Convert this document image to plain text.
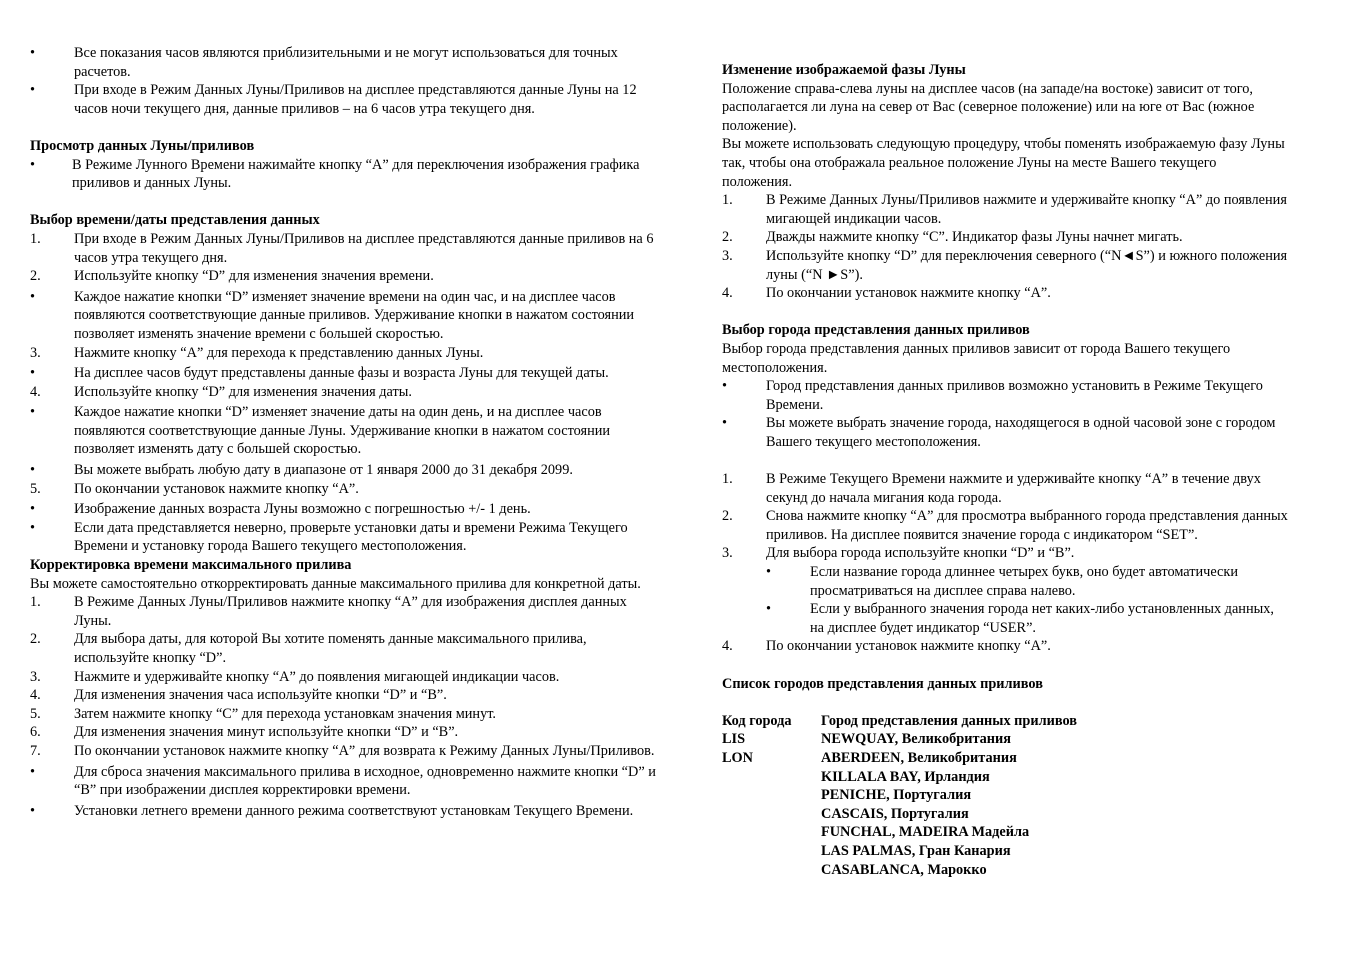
•	Все показания часов являются приблизительными и не могут использоваться для точных расчетов.
•	При входе в Режим Данных Луны/Приливов на дисплее представляются данные Луны на 12 часов ночи текущего дня, данные приливов – на 6 часов утра текущего дня.
Просмотр данных Луны/приливов
•	В Режиме Лунного Времени нажимайте кнопку “А” для переключения изображения графика приливов и данных Луны.
Выбор времени/даты представления данных
1.	При входе в Режим Данных Луны/Приливов на дисплее представляются данные приливов на 6 часов утра текущего дня.
2.	Используйте кнопку “D” для изменения значения времени.
•	Каждое нажатие кнопки “D” изменяет значение времени на один час, и на дисплее часов появляются соответствующие данные приливов. Удерживание кнопки в нажатом состоянии позволяет изменять значение времени с большей скоростью.
3.	Нажмите кнопку “А” для перехода к представлению данных Луны.
•	На дисплее часов будут представлены данные фазы и возраста Луны для текущей даты.
4.	Используйте кнопку “D” для изменения значения даты.
•	Каждое нажатие кнопки “D” изменяет значение даты на один день, и на дисплее часов появляются соответствующие данные Луны. Удерживание кнопки в нажатом состоянии позволяет изменять дату с большей скоростью.
•	Вы можете выбрать любую дату в диапазоне от 1 января 2000 до 31 декабря 2099.
5.	По окончании установок нажмите кнопку “А”.
•	Изображение данных возраста Луны возможно с погрешностью +/- 1 день.
•	Если дата представляется неверно, проверьте установки даты и времени Режима Текущего Времени и установку города Вашего текущего местоположения.
Корректировка времени максимального прилива
Вы можете самостоятельно откорректировать данные максимального прилива для конкретной даты.
1.	В Режиме Данных Луны/Приливов нажмите кнопку “А” для изображения дисплея данных Луны.
2.	Для выбора даты, для которой Вы хотите поменять данные максимального прилива, используйте кнопку “D”.
3.	Нажмите и удерживайте кнопку “А” до появления мигающей индикации часов.
4.	Для изменения значения часа используйте кнопки “D” и “B”.
5.	Затем нажмите кнопку “C” для перехода установкам значения минут.
6.	Для изменения значения минут используйте кнопки “D” и “B”.
7.	По окончании установок нажмите кнопку “А” для возврата к Режиму Данных Луны/Приливов.
•	Для сброса значения максимального прилива в исходное, одновременно нажмите кнопки “D” и “B” при изображении дисплея корректировки времени.
•	Установки летнего времени данного режима соответствуют установкам Текущего Времени.
Изменение изображаемой фазы Луны
Положение справа-слева луны на дисплее часов (на западе/на востоке) зависит от того, располагается ли луна на север от Вас (северное положение) или на юге от Вас (южное положение).
Вы можете использовать следующую процедуру, чтобы поменять изображаемую фазу Луны так, чтобы она отображала реальное положение Луны на месте Вашего текущего положения.
1.	В Режиме Данных Луны/Приливов нажмите и удерживайте кнопку “А” до появления мигающей индикации часов.
2.	Дважды нажмите кнопку “С”. Индикатор фазы Луны начнет мигать.
3.	Используйте кнопку “D” для переключения северного (“N◄S”) и южного положения луны (“N ►S”).
4.	По окончании установок нажмите кнопку “А”.
Выбор города представления данных приливов
Выбор города представления данных приливов зависит от города Вашего текущего местоположения.
•	Город представления данных приливов возможно установить в Режиме Текущего Времени.
•	Вы можете выбрать значение города, находящегося в одной часовой зоне с городом Вашего текущего местоположения.
1.	В Режиме Текущего Времени нажмите и удерживайте кнопку “А” в течение двух секунд до начала мигания кода города.
2.	Снова нажмите кнопку “А” для просмотра выбранного города представления данных приливов. На дисплее появится значение города с индикатором “SET”.
3.	Для выбора города используйте кнопки “D” и “B”.
•	Если название города длиннее четырех букв, оно будет автоматически просматриваться на дисплее справа налево.
•	Если у выбранного значения города нет каких-либо установленных данных, на дисплее будет индикатор “USER”.
4.	По окончании установок нажмите кнопку “А”.
Список городов представления данных приливов
Код города	Город представления данных приливов
LIS	NEWQUAY, Великобритания
LON	ABERDEEN, Великобритания
	KILLALA BAY, Ирландия
	PENICHE, Португалия
	CASCAIS, Португалия
	FUNCHAL, MADEIRA Мадейла
	LAS PALMAS, Гран Канария
	CASABLANCA, Марокко
